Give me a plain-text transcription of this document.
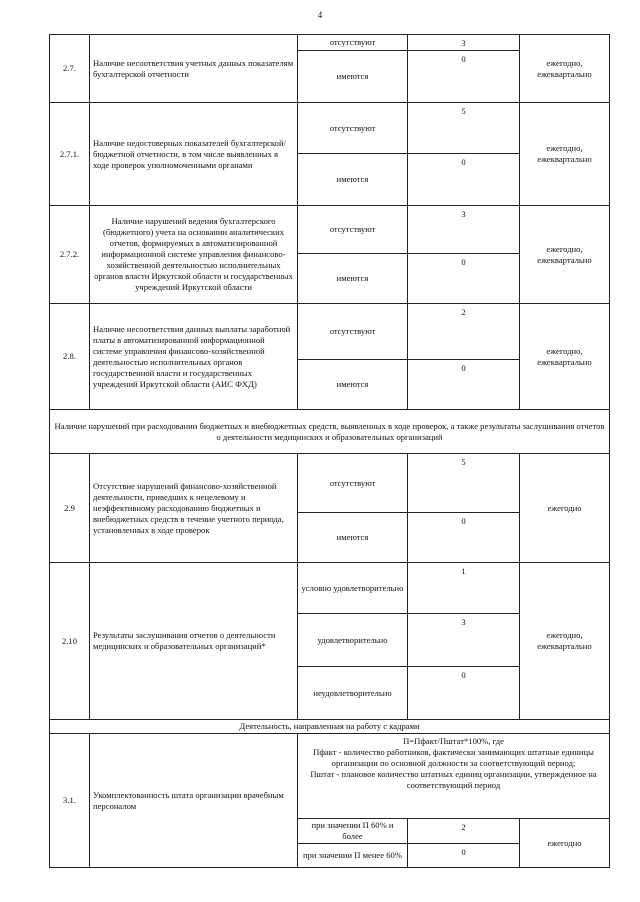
4
2.7.	Наличие несоответствия учетных данных показателям бухгалтерской отчетности	отсутствуют	3	ежегодно, ежеквартально
		имеются	0	
2.7.1.	Наличие недостоверных показателей бухгалтерской/бюджетной отчетности, в том числе выявленных в ходе проверок уполномоченными органами	отсутствуют	5	ежегодно, ежеквартально
		имеются	0	
2.7.2.	Наличие нарушений ведения бухгалтерского (бюджетного) учета на основании аналитических отчетов, формируемых в автоматизированной информационной системе управления финансово-хозяйственной деятельностью исполнительных органов власти Иркутской области и государственных учреждений Иркутской области	отсутствуют	3	ежегодно, ежеквартально
		имеются	0	
2.8.	Наличие несоответствия данных выплаты заработной платы в автоматизированной информационной системе управления финансово-хозяйственной деятельностью исполнительных органов государственной власти и государственных учреждений Иркутской области (АИС ФХД)	отсутствуют	2	ежегодно, ежеквартально
		имеются	0	
Наличие нарушений при расходовании бюджетных и внебюджетных средств, выявленных в ходе проверок, а также результаты заслушивания отчетов о деятельности медицинских и образовательных организаций				
2.9	Отсутствие нарушений финансово-хозяйственной деятельности, приведших к нецелевому и неэффективному расходованию бюджетных и внебюджетных средств в течение учетного периода, установленных в ходе проверок	отсутствуют	5	ежегодно
		имеются	0	
2.10	Результаты заслушивания отчетов о деятельности медицинских и образовательных организаций*	условно удовлетворительно	1	ежегодно, ежеквартально
		удовлетворительно	3	
		неудовлетворительно	0	
Деятельность, направленная на работу с кадрами				
3.1.	Укомплектованность штата организации врачебным персоналом	П=Пфакт/Пштат*100%, где
Пфакт - количество работников, фактически занимающих штатные единицы организации по основной должности за соответствующий период;
Пштат - плановое количество штатных единиц организации, утвержденное на соответствующий период		

		при значении П 60% и более	2	ежегодно
		при значении П менее 60%	0	
